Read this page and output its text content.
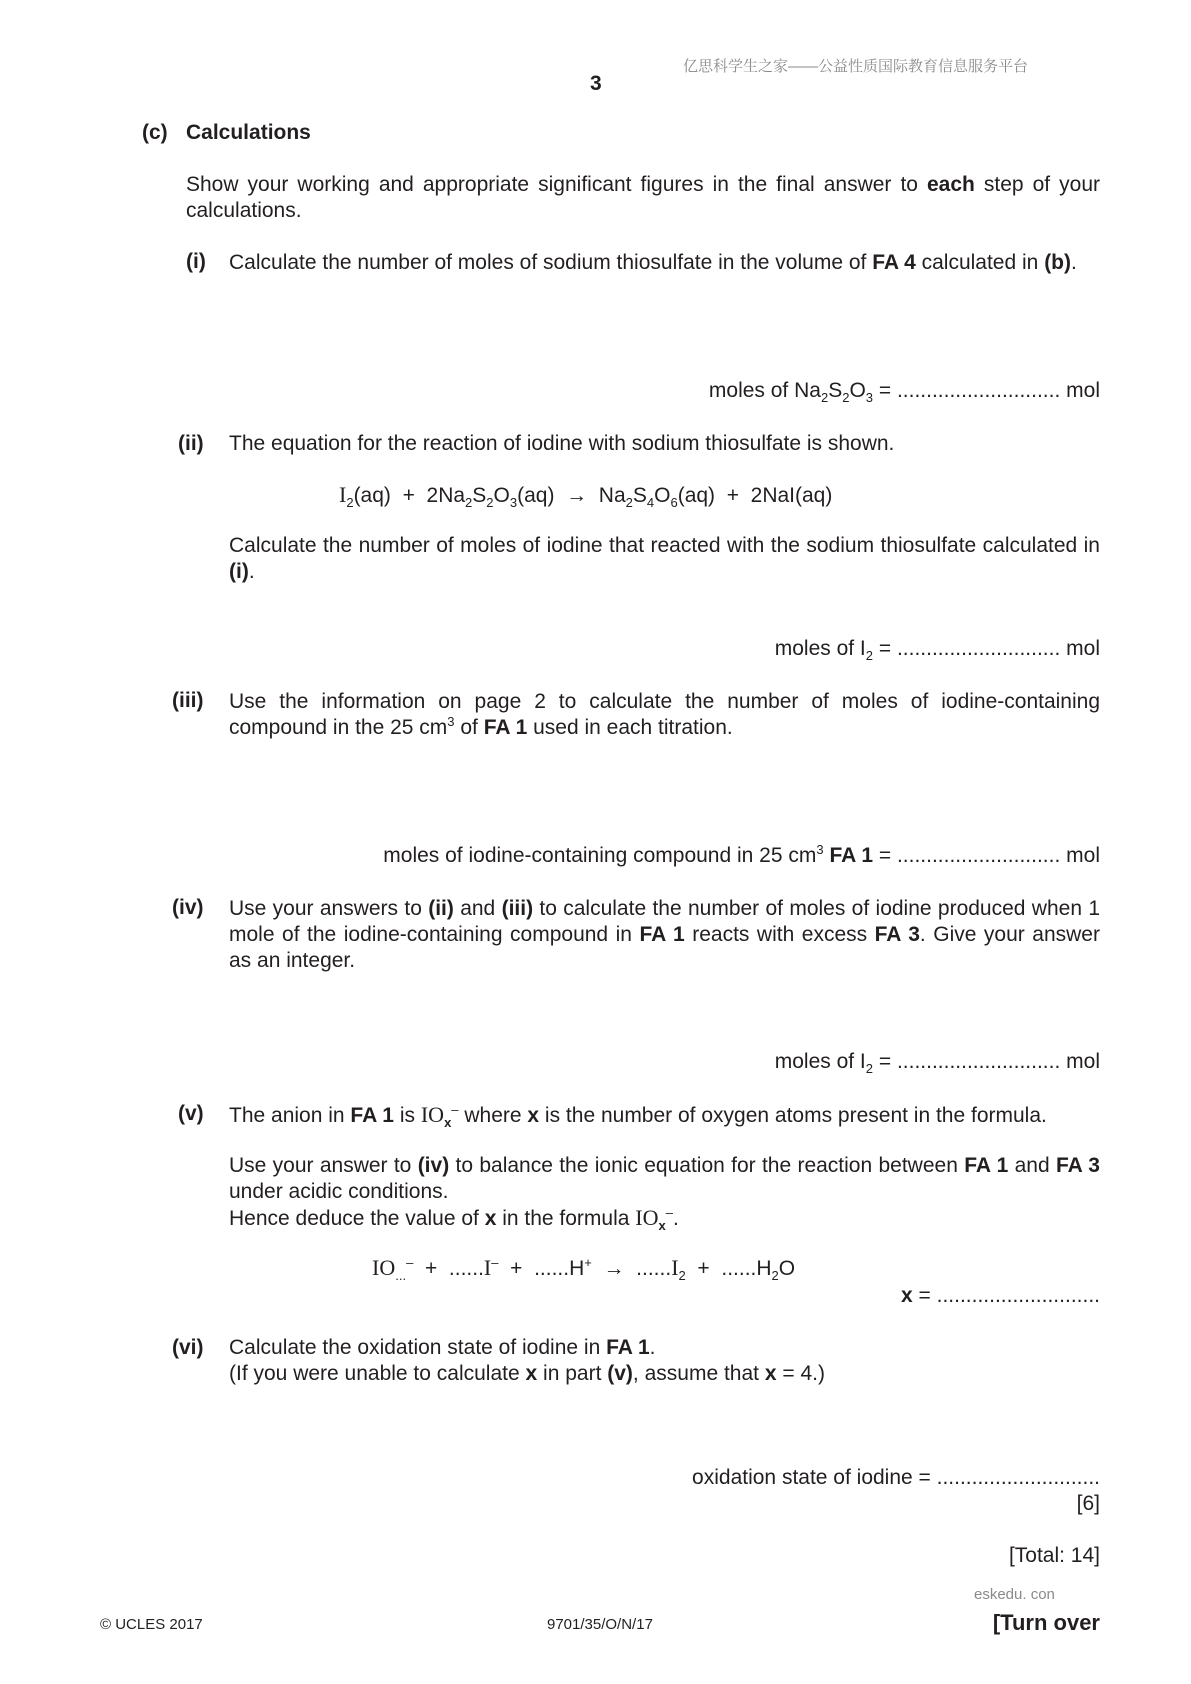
亿思科学生之家——公益性质国际教育信息服务平台
3
(c) Calculations
Show your working and appropriate significant figures in the final answer to each step of your calculations.
(i) Calculate the number of moles of sodium thiosulfate in the volume of FA 4 calculated in (b).
moles of $Na_2S_2O_3$ = ............................ mol
(ii) The equation for the reaction of iodine with sodium thiosulfate is shown.
$I_2(aq) + 2Na_2S_2O_3(aq) \to Na_2S_4O_6(aq) + 2NaI(aq)$
Calculate the number of moles of iodine that reacted with the sodium thiosulfate calculated in (i).
moles of $I_2$ = ............................ mol
(iii) Use the information on page 2 to calculate the number of moles of iodine-containing compound in the 25 $cm^3$ of FA 1 used in each titration.
moles of iodine-containing compound in 25 $cm^3$ FA 1 = ............................ mol
(iv) Use your answers to (ii) and (iii) to calculate the number of moles of iodine produced when 1 mole of the iodine-containing compound in FA 1 reacts with excess FA 3. Give your answer as an integer.
moles of $I_2$ = ............................ mol
(v) The anion in FA 1 is $IO_x^-$ where x is the number of oxygen atoms present in the formula.
Use your answer to (iv) to balance the ionic equation for the reaction between FA 1 and FA 3 under acidic conditions.
Hence deduce the value of x in the formula $IO_x^-$.
$IO_{...}^- + ......I^- + ......H^+ \to ......I_2 + ......H_2O$
x = ............................
(vi) Calculate the oxidation state of iodine in FA 1.
(If you were unable to calculate x in part (v), assume that x = 4.)
oxidation state of iodine = ............................
[6]
[Total: 14]
eskedu. con
© UCLES 2017	9701/35/O/N/17	[Turn over
